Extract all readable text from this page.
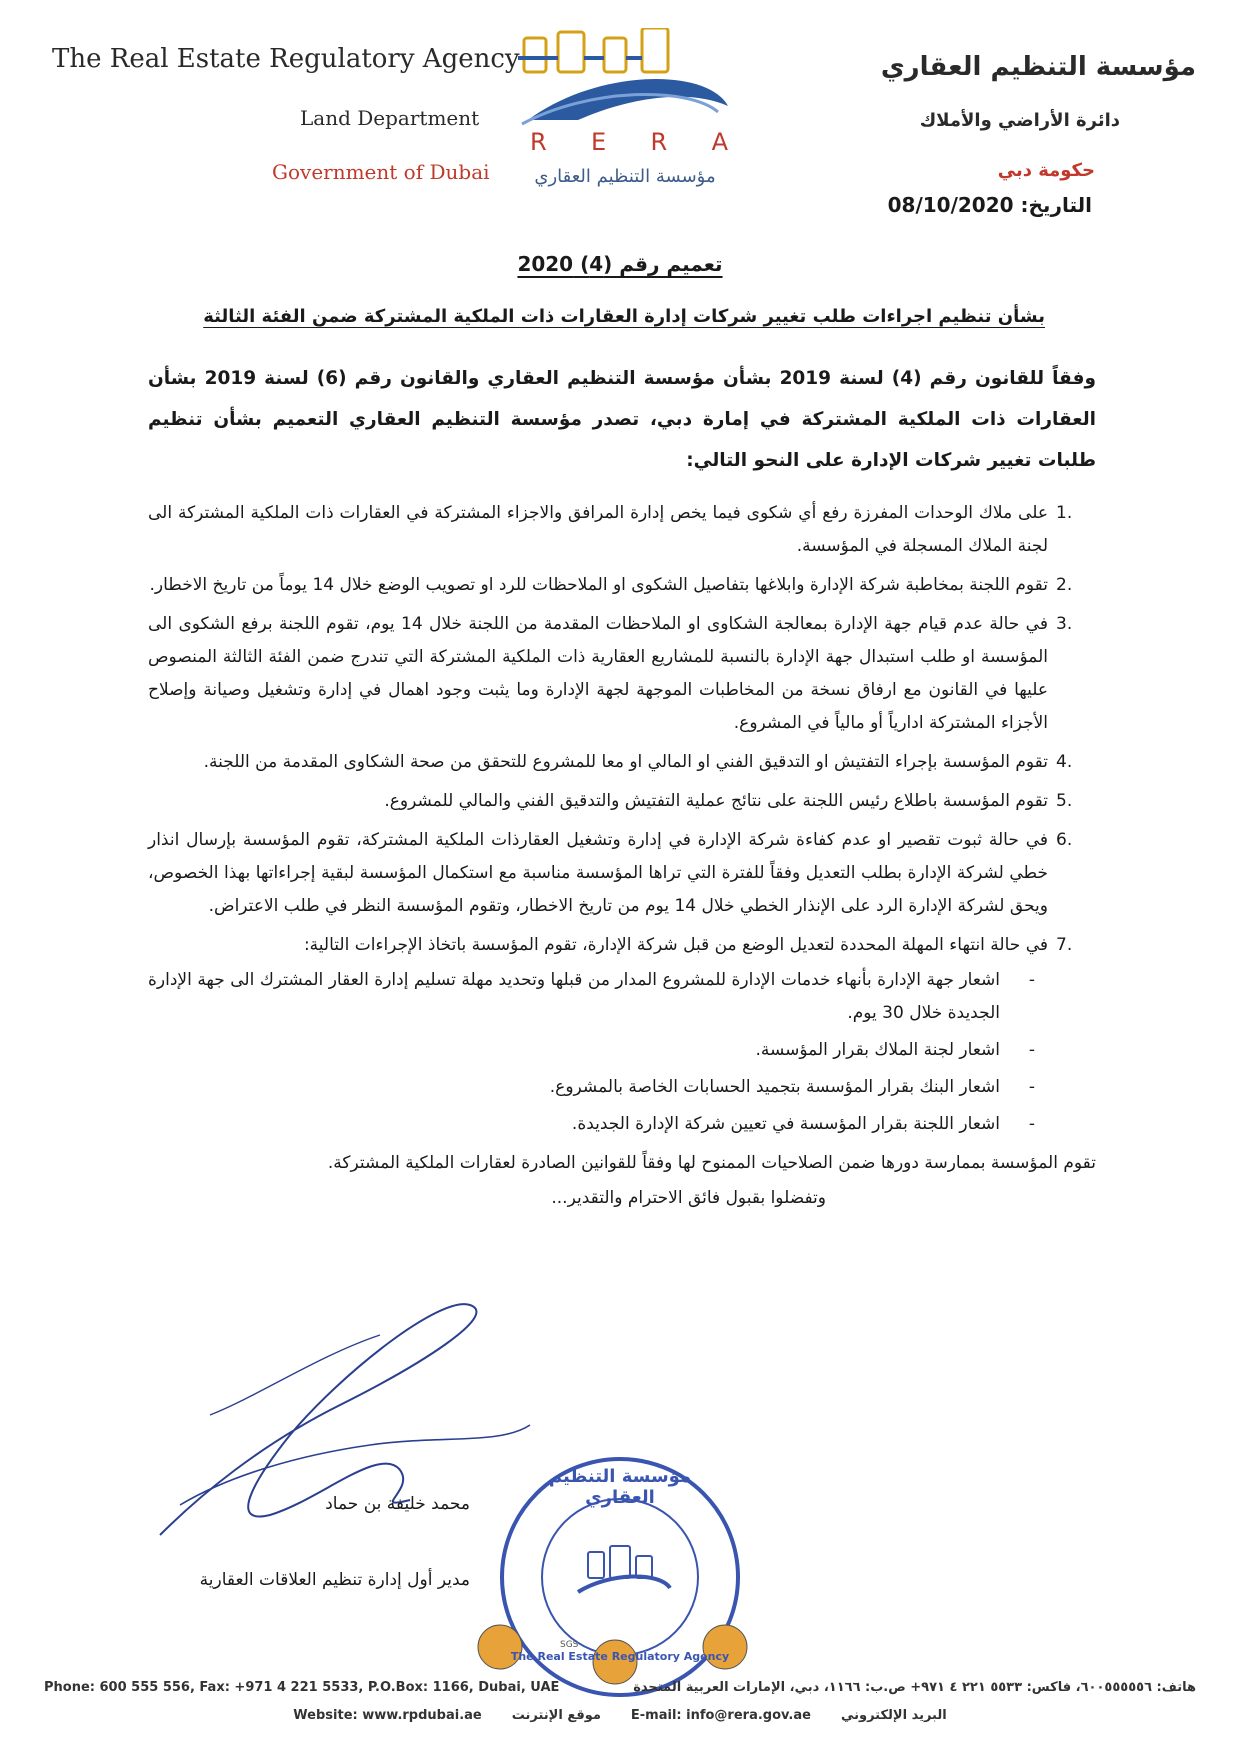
The Real Estate Regulatory Agency
Land Department
Government of Dubai
R E R A
مؤسسة التنظيم العقاري
مؤسسة التنظيم العقاري
دائرة الأراضي والأملاك
حكومة دبي
التاريخ: 08/10/2020
تعميم رقم (4) 2020
بشأن تنظيم اجراءات طلب تغيير شركات إدارة العقارات ذات الملكية المشتركة ضمن الفئة الثالثة

وفقاً للقانون رقم (4) لسنة 2019 بشأن مؤسسة التنظيم العقاري والقانون رقم (6) لسنة 2019 بشأن العقارات ذات الملكية المشتركة في إمارة دبي، تصدر مؤسسة التنظيم العقاري التعميم بشأن تنظيم طلبات تغيير شركات الإدارة على النحو التالي:

1.
على ملاك الوحدات المفرزة رفع أي شكوى فيما يخص إدارة المرافق والاجزاء المشتركة في العقارات ذات الملكية المشتركة الى لجنة الملاك المسجلة في المؤسسة.
2.
تقوم اللجنة بمخاطبة شركة الإدارة وابلاغها بتفاصيل الشكوى او الملاحظات للرد او تصويب الوضع خلال 14 يوماً من تاريخ الاخطار.
3.
في حالة عدم قيام جهة الإدارة بمعالجة الشكاوى او الملاحظات المقدمة من اللجنة خلال 14 يوم، تقوم اللجنة برفع الشكوى الى المؤسسة او طلب استبدال جهة الإدارة بالنسبة للمشاريع العقارية ذات الملكية المشتركة التي تندرج ضمن الفئة الثالثة المنصوص عليها في القانون مع ارفاق نسخة من المخاطبات الموجهة لجهة الإدارة وما يثبت وجود اهمال في إدارة وتشغيل وصيانة وإصلاح الأجزاء المشتركة ادارياً أو مالياً في المشروع.
4.
تقوم المؤسسة بإجراء التفتيش او التدقيق الفني او المالي او معا للمشروع للتحقق من صحة الشكاوى المقدمة من اللجنة.
5.
تقوم المؤسسة باطلاع رئيس اللجنة على نتائج عملية التفتيش والتدقيق الفني والمالي للمشروع.
6.
في حالة ثبوت تقصير او عدم كفاءة شركة الإدارة في إدارة وتشغيل العقارذات الملكية المشتركة، تقوم المؤسسة بإرسال انذار خطي لشركة الإدارة بطلب التعديل وفقاً للفترة التي تراها المؤسسة مناسبة مع استكمال المؤسسة لبقية إجراءاتها بهذا الخصوص، ويحق لشركة الإدارة الرد على الإنذار الخطي خلال 14 يوم من تاريخ الاخطار، وتقوم المؤسسة النظر في طلب الاعتراض.
7.
في حالة انتهاء المهلة المحددة لتعديل الوضع من قبل شركة الإدارة، تقوم المؤسسة باتخاذ الإجراءات التالية:
-
اشعار جهة الإدارة بأنهاء خدمات الإدارة للمشروع المدار من قبلها وتحديد مهلة تسليم إدارة العقار المشترك الى جهة الإدارة الجديدة خلال 30 يوم.
-
اشعار لجنة الملاك بقرار المؤسسة.
-
اشعار البنك بقرار المؤسسة بتجميد الحسابات الخاصة بالمشروع.
-
اشعار اللجنة بقرار المؤسسة في تعيين شركة الإدارة الجديدة.

تقوم المؤسسة بممارسة دورها ضمن الصلاحيات الممنوح لها وفقاً للقوانين الصادرة لعقارات الملكية المشتركة.

وتفضلوا بقبول فائق الاحترام والتقدير...

محمد خليفة بن حماد
مدير أول إدارة تنظيم العلاقات العقارية
مؤسسة التنظيم العقاري
The Real Estate Regulatory Agency
SGS
Phone: 600 555 556, Fax: +971 4 221 5533, P.O.Box: 1166, Dubai, UAE	هاتف: ٦٠٠٥٥٥٥٥٦، فاكس: ٥٥٣٣ ٢٢١ ٤ ٩٧١+ ص.ب: ١١٦٦، دبي، الإمارات العربية المتحدة
Website: www.rpdubai.ae موقع الإنترنت E-mail: info@rera.gov.ae البريد الإلكتروني
